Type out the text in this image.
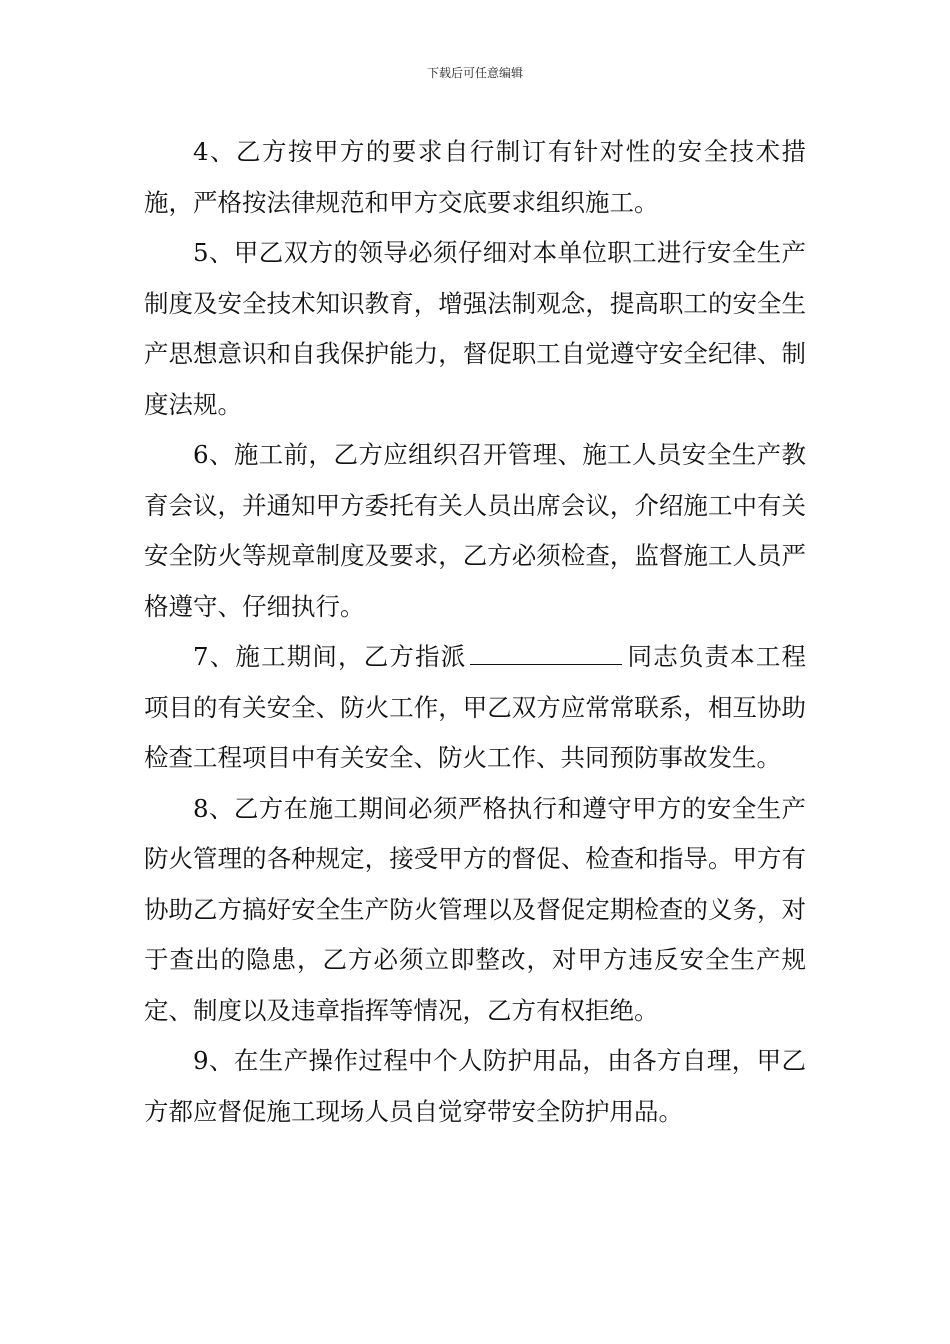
下载后可任意编辑

4、乙方按甲方的要求自行制订有针对性的安全技术措施，严格按法律规范和甲方交底要求组织施工。

5、甲乙双方的领导必须仔细对本单位职工进行安全生产制度及安全技术知识教育，增强法制观念，提高职工的安全生产思想意识和自我保护能力，督促职工自觉遵守安全纪律、制度法规。

6、施工前，乙方应组织召开管理、施工人员安全生产教育会议，并通知甲方委托有关人员出席会议，介绍施工中有关安全防火等规章制度及要求，乙方必须检查，监督施工人员严格遵守、仔细执行。

7、施工期间，乙方指派	同志负责本工程项目的有关安全、防火工作，甲乙双方应常常联系，相互协助检查工程项目中有关安全、防火工作、共同预防事故发生。

8、乙方在施工期间必须严格执行和遵守甲方的安全生产防火管理的各种规定，接受甲方的督促、检查和指导。甲方有协助乙方搞好安全生产防火管理以及督促定期检查的义务，对于查出的隐患，乙方必须立即整改，对甲方违反安全生产规定、制度以及违章指挥等情况，乙方有权拒绝。

9、在生产操作过程中个人防护用品，由各方自理，甲乙方都应督促施工现场人员自觉穿带安全防护用品。
